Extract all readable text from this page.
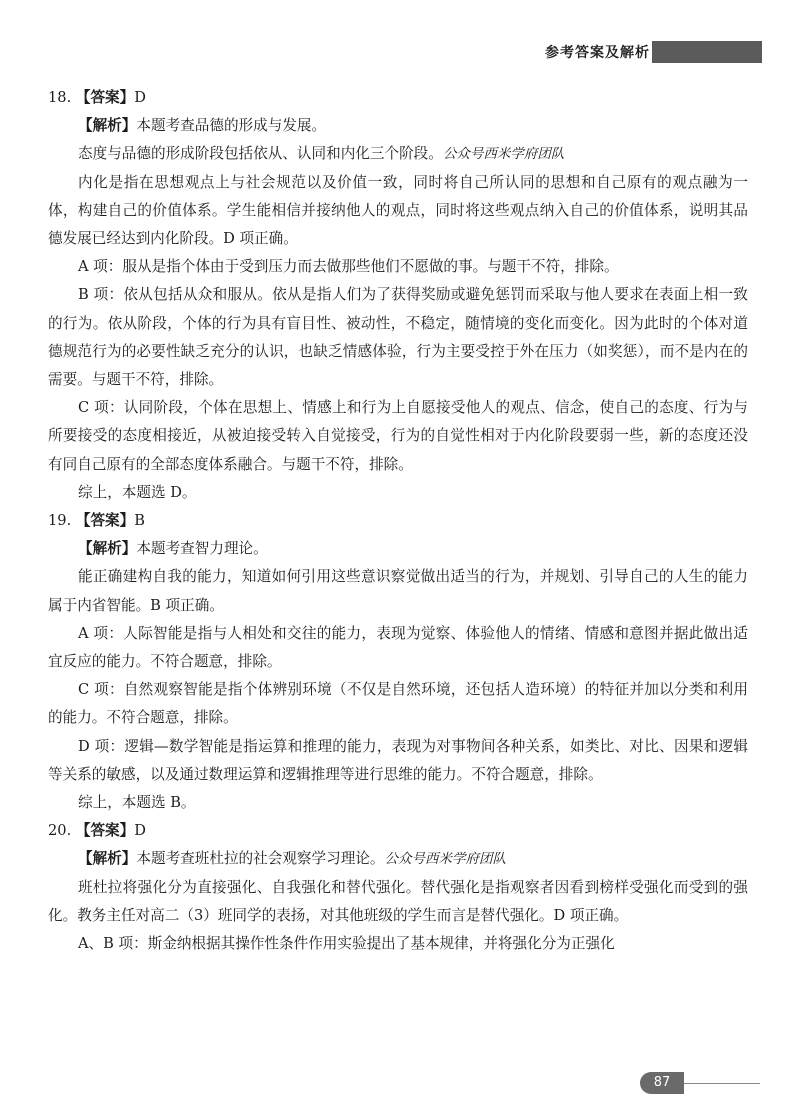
参考答案及解析

18. 【答案】D

【解析】本题考查品德的形成与发展。

态度与品德的形成阶段包括依从、认同和内化三个阶段。公众号西米学府团队

内化是指在思想观点上与社会规范以及价值一致，同时将自己所认同的思想和自己原有的观点融为一体，构建自己的价值体系。学生能相信并接纳他人的观点，同时将这些观点纳入自己的价值体系，说明其品德发展已经达到内化阶段。D 项正确。

A 项：服从是指个体由于受到压力而去做那些他们不愿做的事。与题干不符，排除。

B 项：依从包括从众和服从。依从是指人们为了获得奖励或避免惩罚而采取与他人要求在表面上相一致的行为。依从阶段，个体的行为具有盲目性、被动性，不稳定，随情境的变化而变化。因为此时的个体对道德规范行为的必要性缺乏充分的认识，也缺乏情感体验，行为主要受控于外在压力（如奖惩），而不是内在的需要。与题干不符，排除。

C 项：认同阶段，个体在思想上、情感上和行为上自愿接受他人的观点、信念，使自己的态度、行为与所要接受的态度相接近，从被迫接受转入自觉接受，行为的自觉性相对于内化阶段要弱一些，新的态度还没有同自己原有的全部态度体系融合。与题干不符，排除。

综上，本题选 D。

19. 【答案】B

【解析】本题考查智力理论。

能正确建构自我的能力，知道如何引用这些意识察觉做出适当的行为，并规划、引导自己的人生的能力属于内省智能。B 项正确。

A 项：人际智能是指与人相处和交往的能力，表现为觉察、体验他人的情绪、情感和意图并据此做出适宜反应的能力。不符合题意，排除。

C 项：自然观察智能是指个体辨别环境（不仅是自然环境，还包括人造环境）的特征并加以分类和利用的能力。不符合题意，排除。

D 项：逻辑—数学智能是指运算和推理的能力，表现为对事物间各种关系，如类比、对比、因果和逻辑等关系的敏感，以及通过数理运算和逻辑推理等进行思维的能力。不符合题意，排除。

综上，本题选 B。

20. 【答案】D

【解析】本题考查班杜拉的社会观察学习理论。公众号西米学府团队

班杜拉将强化分为直接强化、自我强化和替代强化。替代强化是指观察者因看到榜样受强化而受到的强化。教务主任对高二（3）班同学的表扬，对其他班级的学生而言是替代强化。D 项正确。

A、B 项：斯金纳根据其操作性条件作用实验提出了基本规律，并将强化分为正强化

87
